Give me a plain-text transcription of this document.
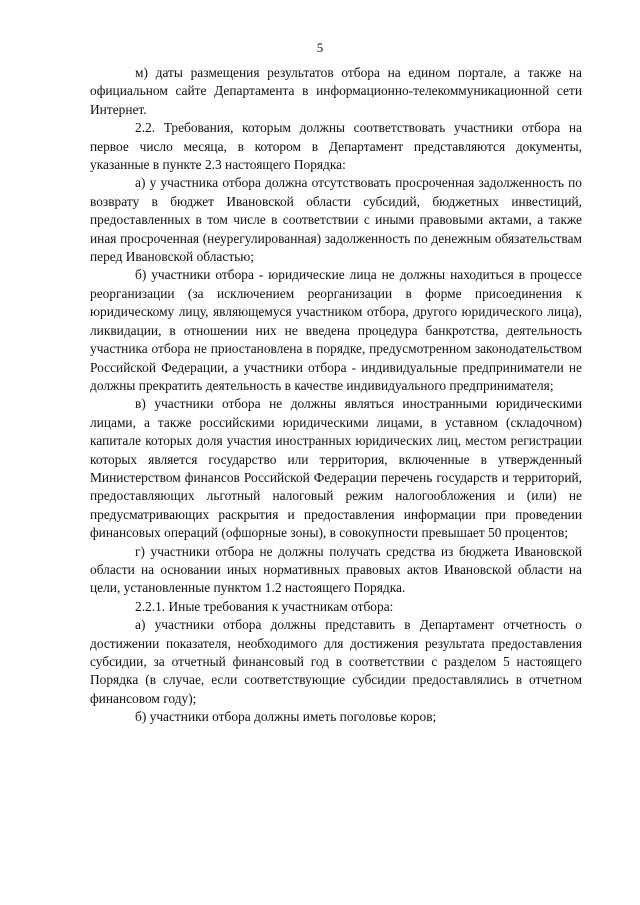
5

м) даты размещения результатов отбора на едином портале, а также на официальном сайте Департамента в информационно-телекоммуникационной сети Интернет.

2.2. Требования, которым должны соответствовать участники отбора на первое число месяца, в котором в Департамент представляются документы, указанные в пункте 2.3 настоящего Порядка:

а) у участника отбора должна отсутствовать просроченная задолженность по возврату в бюджет Ивановской области субсидий, бюджетных инвестиций, предоставленных в том числе в соответствии с иными правовыми актами, а также иная просроченная (неурегулированная) задолженность по денежным обязательствам перед Ивановской областью;

б) участники отбора - юридические лица не должны находиться в процессе реорганизации (за исключением реорганизации в форме присоединения к юридическому лицу, являющемуся участником отбора, другого юридического лица), ликвидации, в отношении них не введена процедура банкротства, деятельность участника отбора не приостановлена в порядке, предусмотренном законодательством Российской Федерации, а участники отбора - индивидуальные предприниматели не должны прекратить деятельность в качестве индивидуального предпринимателя;

в) участники отбора не должны являться иностранными юридическими лицами, а также российскими юридическими лицами, в уставном (складочном) капитале которых доля участия иностранных юридических лиц, местом регистрации которых является государство или территория, включенные в утвержденный Министерством финансов Российской Федерации перечень государств и территорий, предоставляющих льготный налоговый режим налогообложения и (или) не предусматривающих раскрытия и предоставления информации при проведении финансовых операций (офшорные зоны), в совокупности превышает 50 процентов;

г) участники отбора не должны получать средства из бюджета Ивановской области на основании иных нормативных правовых актов Ивановской области на цели, установленные пунктом 1.2 настоящего Порядка.

2.2.1. Иные требования к участникам отбора:

а) участники отбора должны представить в Департамент отчетность о достижении показателя, необходимого для достижения результата предоставления субсидии, за отчетный финансовый год в соответствии с разделом 5 настоящего Порядка (в случае, если соответствующие субсидии предоставлялись в отчетном финансовом году);

б) участники отбора должны иметь поголовье коров;
